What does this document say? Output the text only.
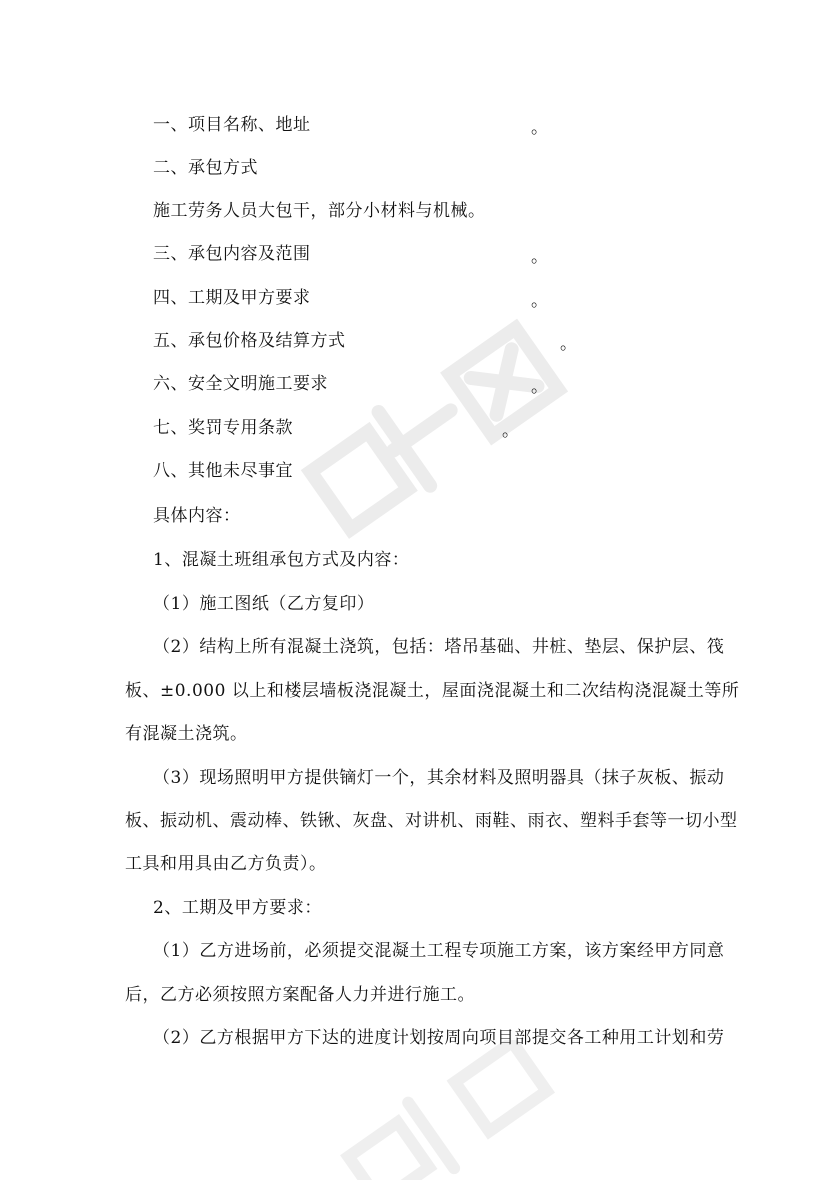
一、项目名称、地址	。
二、承包方式
施工劳务人员大包干，部分小材料与机械。
三、承包内容及范围	。
四、工期及甲方要求	。
五、承包价格及结算方式	。
六、安全文明施工要求	。
七、奖罚专用条款	。
八、其他未尽事宜
具体内容：
1、混凝土班组承包方式及内容：
（1）施工图纸（乙方复印）
（2）结构上所有混凝土浇筑，包括：塔吊基础、井桩、垫层、保护层、筏
板、±0.000 以上和楼层墙板浇混凝土，屋面浇混凝土和二次结构浇混凝土等所
有混凝土浇筑。
（3）现场照明甲方提供镝灯一个，其余材料及照明器具（抹子灰板、振动
板、振动机、震动棒、铁锹、灰盘、对讲机、雨鞋、雨衣、塑料手套等一切小型
工具和用具由乙方负责）。
2、工期及甲方要求：
（1）乙方进场前，必须提交混凝土工程专项施工方案，该方案经甲方同意
后，乙方必须按照方案配备人力并进行施工。
（2）乙方根据甲方下达的进度计划按周向项目部提交各工种用工计划和劳
